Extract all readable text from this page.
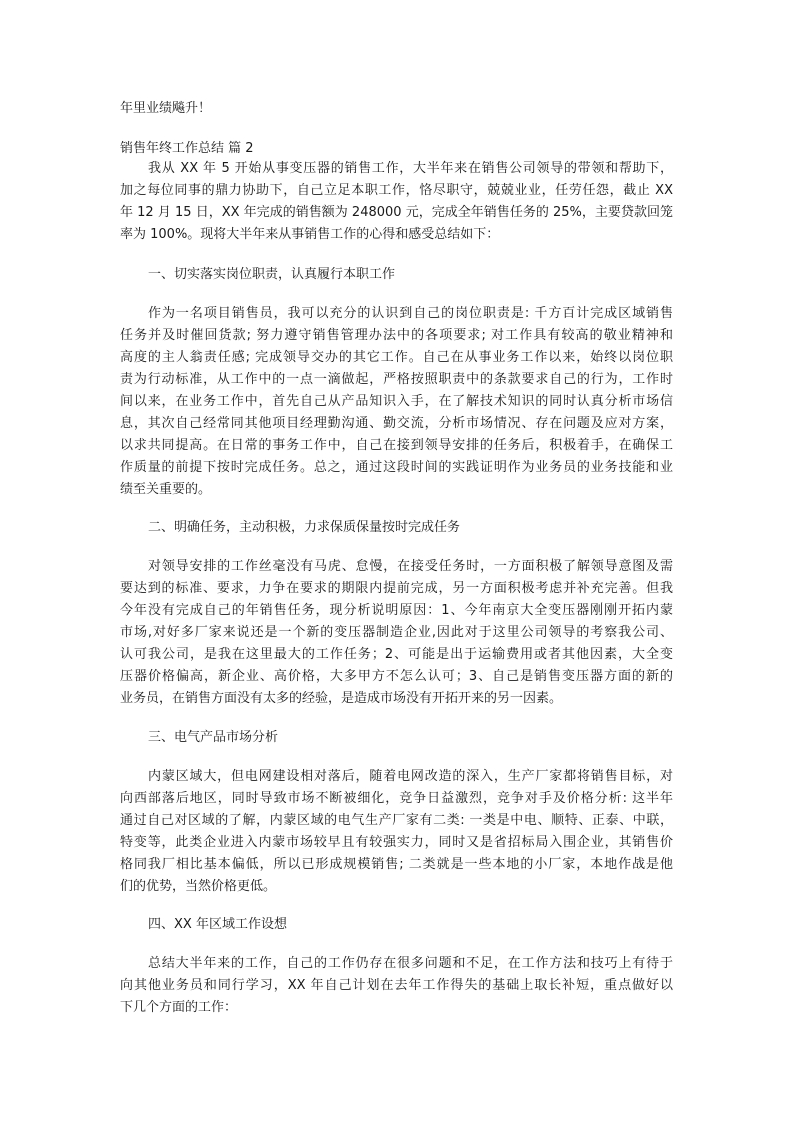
年里业绩飚升！
销售年终工作总结 篇 2
我从 XX 年 5 开始从事变压器的销售工作，大半年来在销售公司领导的带领和帮助下，
加之每位同事的鼎力协助下，自己立足本职工作，恪尽职守，兢兢业业，任劳任怨，截止 XX
年 12 月 15 日，XX 年完成的销售额为 248000 元，完成全年销售任务的 25%，主要贷款回笼
率为 100%。现将大半年来从事销售工作的心得和感受总结如下：
一、切实落实岗位职责，认真履行本职工作
作为一名项目销售员，我可以充分的认识到自己的岗位职责是: 千方百计完成区域销售
任务并及时催回货款; 努力遵守销售管理办法中的各项要求; 对工作具有较高的敬业精神和
高度的主人翁责任感; 完成领导交办的其它工作。自己在从事业务工作以来，始终以岗位职
责为行动标准，从工作中的一点一滴做起，严格按照职责中的条款要求自己的行为，工作时
间以来，在业务工作中，首先自己从产品知识入手，在了解技术知识的同时认真分析市场信
息，其次自己经常同其他项目经理勤沟通、勤交流，分析市场情况、存在问题及应对方案，
以求共同提高。在日常的事务工作中，自己在接到领导安排的任务后，积极着手，在确保工
作质量的前提下按时完成任务。总之，通过这段时间的实践证明作为业务员的业务技能和业
绩至关重要的。
二、明确任务，主动积极，力求保质保量按时完成任务
对领导安排的工作丝毫没有马虎、怠慢，在接受任务时，一方面积极了解领导意图及需
要达到的标准、要求，力争在要求的期限内提前完成，另一方面积极考虑并补充完善。但我
今年没有完成自己的年销售任务，现分析说明原因：1、今年南京大全变压器刚刚开拓内蒙
市场,对好多厂家来说还是一个新的变压器制造企业,因此对于这里公司领导的考察我公司、
认可我公司，是我在这里最大的工作任务；2、可能是出于运输费用或者其他因素，大全变
压器价格偏高，新企业、高价格，大多甲方不怎么认可；3、自己是销售变压器方面的新的
业务员，在销售方面没有太多的经验，是造成市场没有开拓开来的另一因素。
三、电气产品市场分析
内蒙区域大，但电网建设相对落后，随着电网改造的深入，生产厂家都将销售目标，对
向西部落后地区，同时导致市场不断被细化，竞争日益激烈，竞争对手及价格分析: 这半年
通过自己对区域的了解，内蒙区域的电气生产厂家有二类: 一类是中电、顺特、正泰、中联，
特变等，此类企业进入内蒙市场较早且有较强实力，同时又是省招标局入围企业，其销售价
格同我厂相比基本偏低，所以已形成规模销售; 二类就是一些本地的小厂家，本地作战是他
们的优势，当然价格更低。
四、XX 年区域工作设想
总结大半年来的工作，自己的工作仍存在很多问题和不足，在工作方法和技巧上有待于
向其他业务员和同行学习，XX 年自己计划在去年工作得失的基础上取长补短，重点做好以
下几个方面的工作：
